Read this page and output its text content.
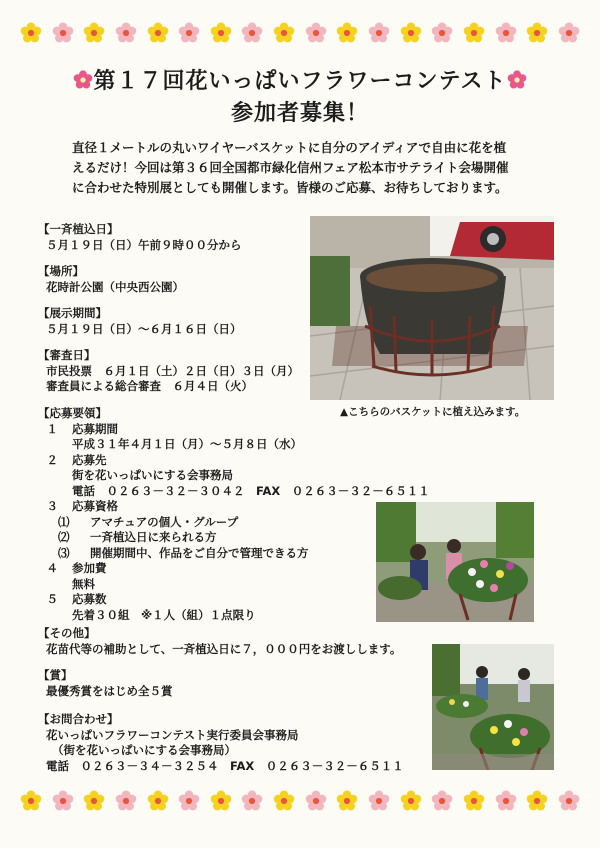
第１７回花いっぱいフラワーコンテスト
参加者募集！
直径１メートルの丸いワイヤーバスケットに自分のアイディアで自由に花を植
えるだけ！今回は第３６回全国都市緑化信州フェア松本市サテライト会場開催
に合わせた特別展としても開催します。皆様のご応募、お待ちしております。
【一斉植込日】
５月１９日（日）午前９時００分から
【場所】
花時計公園（中央西公園）
【展示期間】
５月１９日（日）～６月１６日（日）
【審査日】
市民投票　６月１日（土）２日（日）３日（月）
審査員による総合審査　６月４日（火）
【応募要領】
１ 応募期間
平成３１年４月１日（月）～５月８日（水）
２ 応募先
街を花いっぱいにする会事務局
電話　０２６３－３２－３０４２　FAX　０２６３－３２－６５１１
３ 応募資格
⑴	アマチュアの個人・グループ
⑵	一斉植込日に来られる方
⑶	開催期間中、作品をご自分で管理できる方
４ 参加費
無料
５ 応募数
先着３０組　※１人（組）１点限り
【その他】
花苗代等の補助として、一斉植込日に７，０００円をお渡しします。
【賞】
最優秀賞をはじめ全５賞
【お問合わせ】
花いっぱいフラワーコンテスト実行委員会事務局
（街を花いっぱいにする会事務局）
電話　０２６３－３４－３２５４　FAX　０２６３－３２－６５１１
▲こちらのバスケットに植え込みます。
